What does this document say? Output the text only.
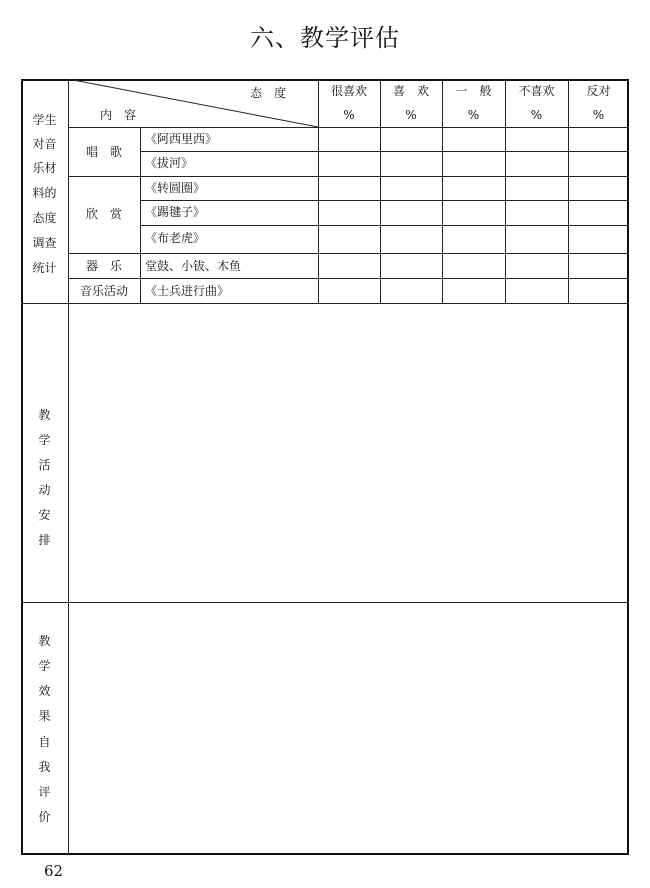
六、教学评估
态　度
内　容
很喜欢
%
喜　欢
%
一　般
%
不喜欢
%
反对
%
学生
对音
乐材
料的
态度
调查
统计
唱　歌
欣　赏
器　乐
音乐活动
《阿西里西》
《拔河》
《转圆圈》
《踢毽子》
《布老虎》
堂鼓、小钹、木鱼
《士兵进行曲》
教
学
活
动
安
排
教
学
效
果
自
我
评
价
62
